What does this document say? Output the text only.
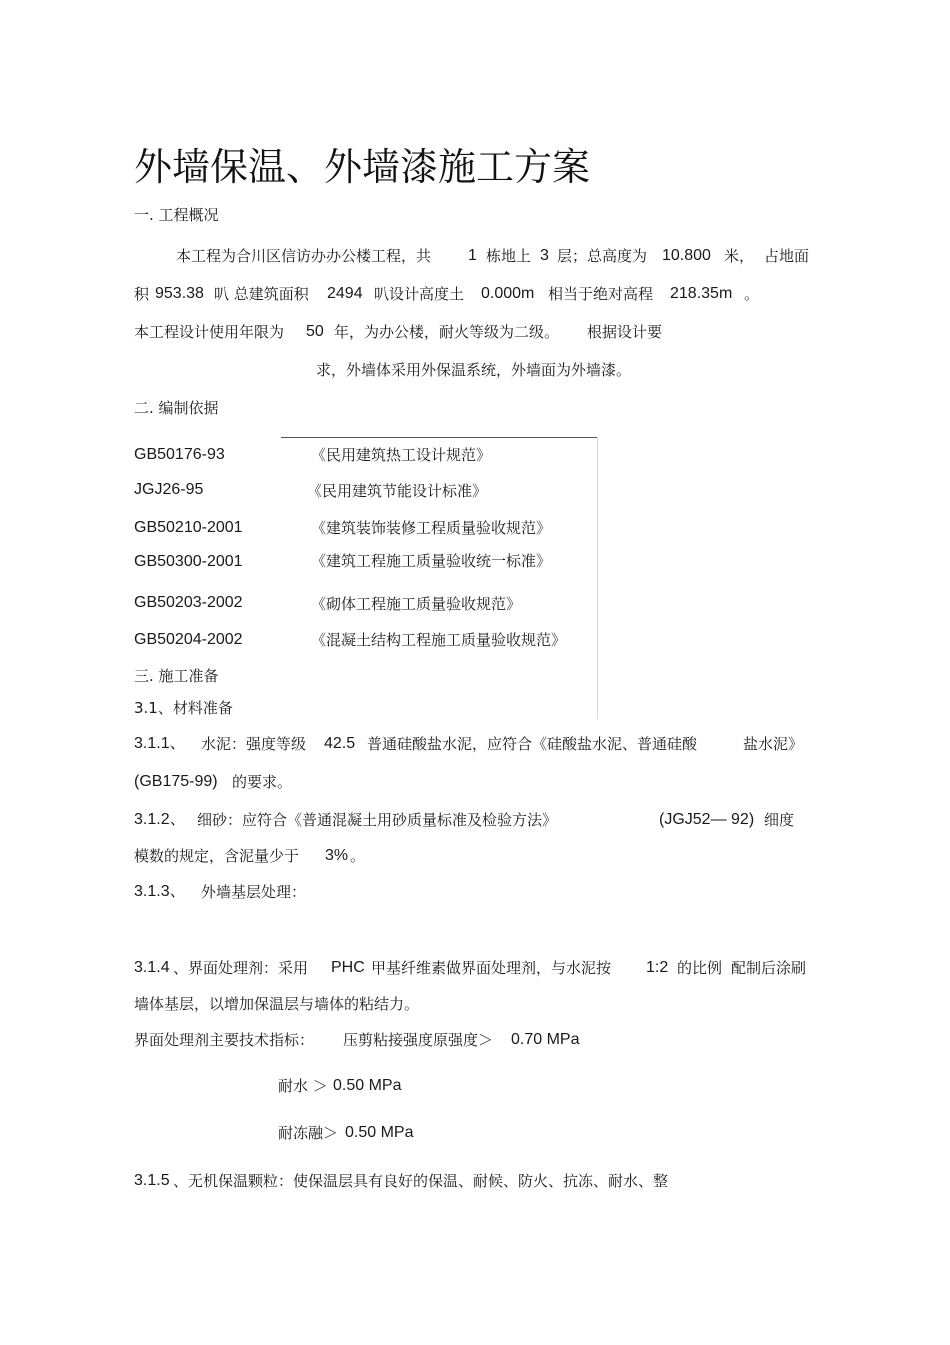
外墙保温、外墙漆施工方案
一. 工程概况
本工程为合川区信访办办公楼工程，共 1 栋地上 3 层；总高度为 10.800 米， 占地面
积 953.38 叭 总建筑面积 2494 叭设计高度土 0.000m 相当于绝对高程 218.35m 。
本工程设计使用年限为 50 年，为办公楼，耐火等级为二级。 根据设计要
求，外墙体采用外保温系统，外墙面为外墙漆。
二. 编制依据
GB50176-93	《民用建筑热工设计规范》
JGJ26-95	《民用建筑节能设计标准》
GB50210-2001	《建筑装饰装修工程质量验收规范》
GB50300-2001	《建筑工程施工质量验收统一标准》
GB50203-2002	《砌体工程施工质量验收规范》
GB50204-2002	《混凝土结构工程施工质量验收规范》
三. 施工准备
3.1、材料准备
3.1.1、 水泥：强度等级 42.5 普通硅酸盐水泥，应符合《硅酸盐水泥、普通硅酸	盐水泥》
(GB175-99) 的要求。
3.1.2、 细砂：应符合《普通混凝土用砂质量标准及检验方法》	(JGJ52— 92) 细度
模数的规定，含泥量少于 3% 。
3.1.3、 外墙基层处理：
3.1.4 、界面处理剂：采用 PHC 甲基纤维素做界面处理剂，与水泥按 1:2 的比例 配制后涂刷
墙体基层，以增加保温层与墙体的粘结力。
界面处理剂主要技术指标： 压剪粘接强度原强度＞ 0.70 MPa
耐水 ＞ 0.50 MPa
耐冻融＞ 0.50 MPa
3.1.5 、无机保温颗粒：使保温层具有良好的保温、耐候、防火、抗冻、耐水、整
